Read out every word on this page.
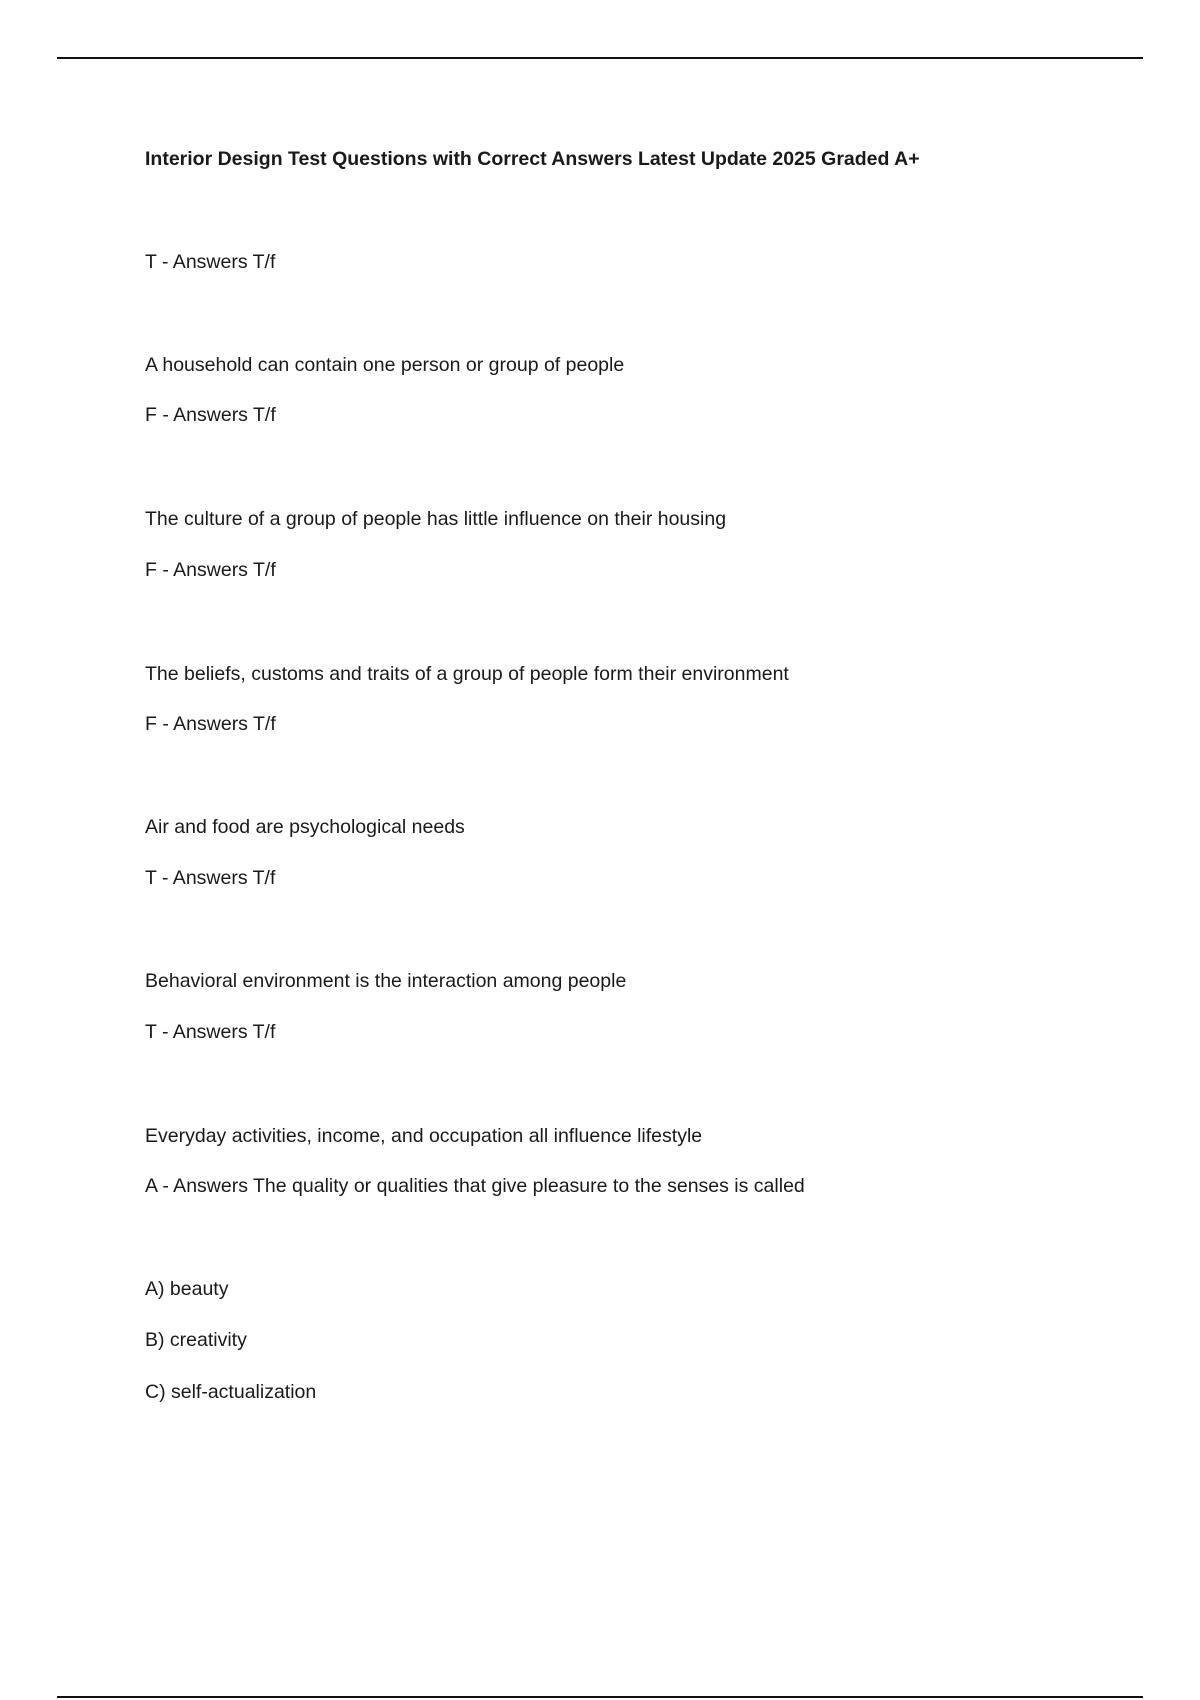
Interior Design Test Questions with Correct Answers Latest Update 2025 Graded A+
T - Answers T/f
A household can contain one person or group of people
F - Answers T/f
The culture of a group of people has little influence on their housing
F - Answers T/f
The beliefs, customs and traits of a group of people form their environment
F - Answers T/f
Air and food are psychological needs
T - Answers T/f
Behavioral environment is the interaction among people
T - Answers T/f
Everyday activities, income, and occupation all influence lifestyle
A - Answers The quality or qualities that give pleasure to the senses is called
A) beauty
B) creativity
C) self-actualization
